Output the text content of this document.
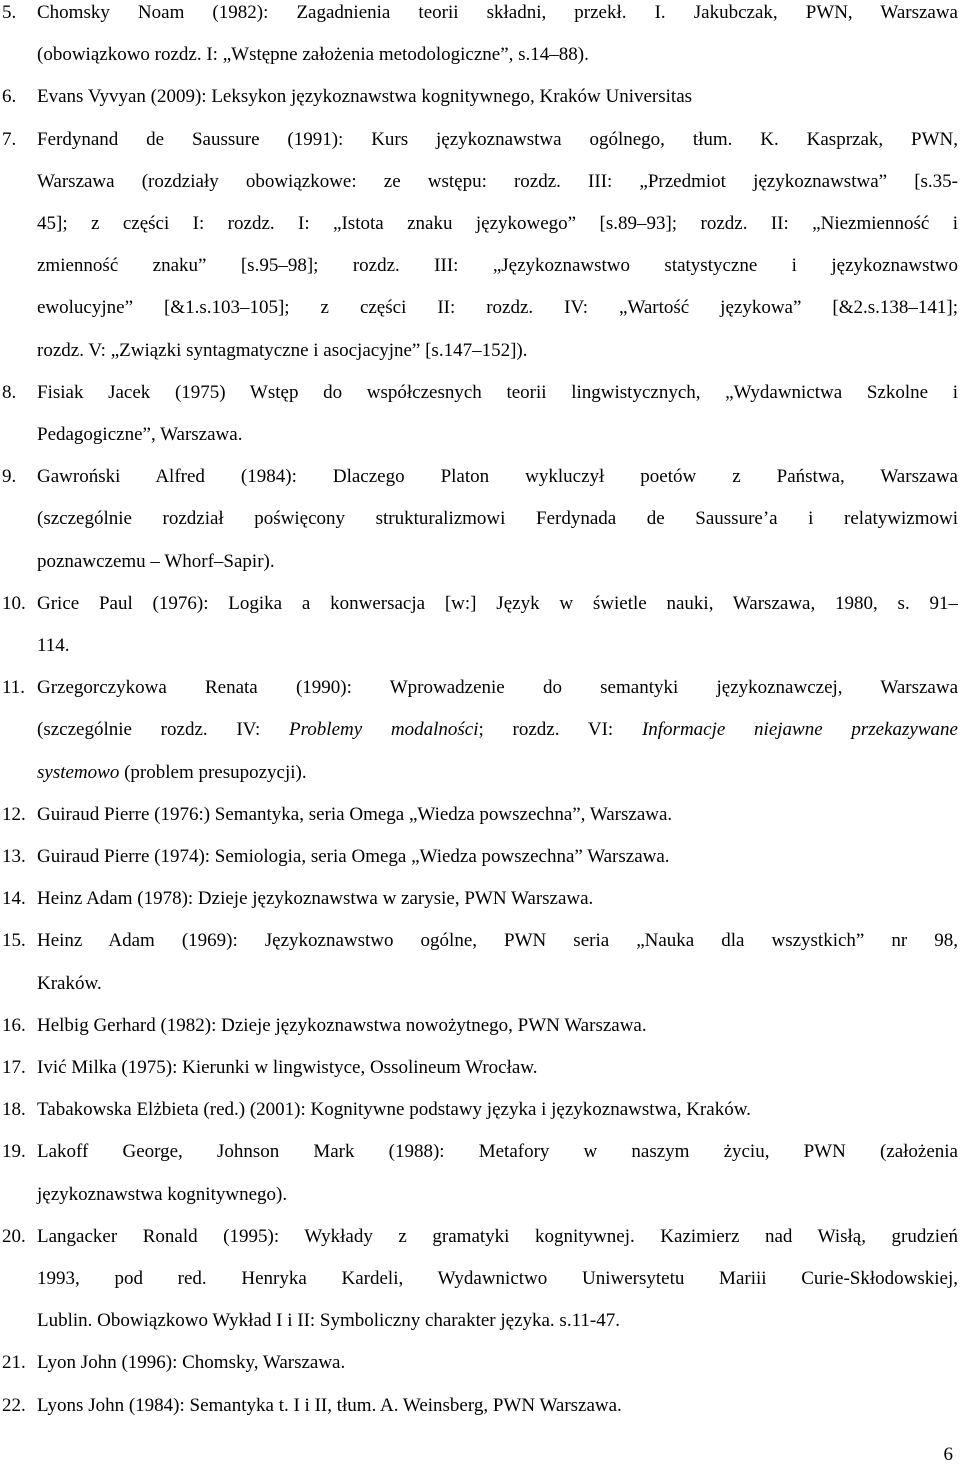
5. Chomsky Noam (1982): Zagadnienia teorii składni, przekł. I. Jakubczak, PWN, Warszawa
(obowiązkowo rozdz. I: „Wstępne założenia metodologiczne”, s.14–88).
6. Evans Vyvyan (2009): Leksykon językoznawstwa kognitywnego, Kraków Universitas
7. Ferdynand de Saussure (1991): Kurs językoznawstwa ogólnego, tłum. K. Kasprzak, PWN,
Warszawa (rozdziały obowiązkowe: ze wstępu: rozdz. III: „Przedmiot językoznawstwa” [s.35-
45]; z części I: rozdz. I: „Istota znaku językowego” [s.89–93]; rozdz. II: „Niezmienność i
zmienność znaku” [s.95–98]; rozdz. III: „Językoznawstwo statystyczne i językoznawstwo
ewolucyjne” [&1.s.103–105]; z części II: rozdz. IV: „Wartość językowa” [&2.s.138–141];
rozdz. V: „Związki syntagmatyczne i asocjacyjne” [s.147–152]).
8. Fisiak Jacek (1975) Wstęp do współczesnych teorii lingwistycznych, „Wydawnictwa Szkolne i
Pedagogiczne”, Warszawa.
9. Gawroński Alfred (1984): Dlaczego Platon wykluczył poetów z Państwa, Warszawa
(szczególnie rozdział poświęcony strukturalizmowi Ferdynada de Saussure’a i relatywizmowi
poznawczemu – Whorf–Sapir).
10. Grice Paul (1976): Logika a konwersacja [w:] Język w świetle nauki, Warszawa, 1980, s. 91–
114.
11. Grzegorczykowa Renata (1990): Wprowadzenie do semantyki językoznawczej, Warszawa
(szczególnie rozdz. IV: Problemy modalności; rozdz. VI: Informacje niejawne przekazywane
systemowo (problem presupozycji).
12. Guiraud Pierre (1976:) Semantyka, seria Omega „Wiedza powszechna”, Warszawa.
13. Guiraud Pierre (1974): Semiologia, seria Omega „Wiedza powszechna” Warszawa.
14. Heinz Adam (1978): Dzieje językoznawstwa w zarysie, PWN Warszawa.
15. Heinz Adam (1969): Językoznawstwo ogólne, PWN seria „Nauka dla wszystkich” nr 98,
Kraków.
16. Helbig Gerhard (1982): Dzieje językoznawstwa nowożytnego, PWN Warszawa.
17. Ivić Milka (1975): Kierunki w lingwistyce, Ossolineum Wrocław.
18. Tabakowska Elżbieta (red.) (2001): Kognitywne podstawy języka i językoznawstwa, Kraków.
19. Lakoff George, Johnson Mark (1988): Metafory w naszym życiu, PWN (założenia
językoznawstwa kognitywnego).
20. Langacker Ronald (1995): Wykłady z gramatyki kognitywnej. Kazimierz nad Wisłą, grudzień
1993, pod red. Henryka Kardeli, Wydawnictwo Uniwersytetu Mariii Curie-Skłodowskiej,
Lublin. Obowiązkowo Wykład I i II: Symboliczny charakter języka. s.11-47.
21. Lyon John (1996): Chomsky, Warszawa.
22. Lyons John (1984): Semantyka t. I i II, tłum. A. Weinsberg, PWN Warszawa.
6
